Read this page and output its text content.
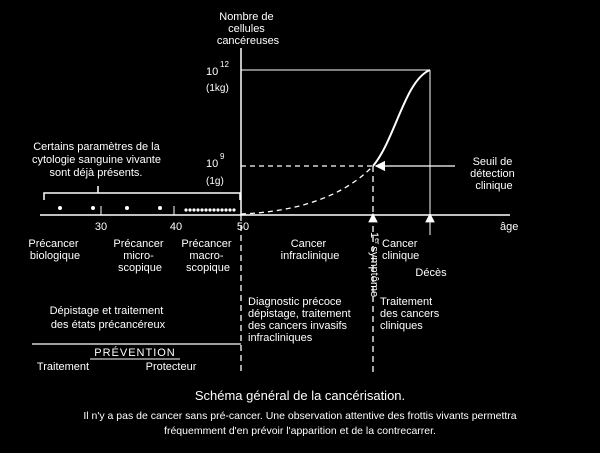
Nombre de cellules cancéreuses
10
12
(1kg)
10
9
(1g)
âge
30	40	50
Seuil de détection clinique
Certains paramètres de la cytologie sanguine vivante sont déjà présents.
Précancer biologique
Précancer micro- scopique
Précancer macro- scopique
Cancer infraclinique
1ersymptôme
Cancer clinique
Décès
Dépistage et traitement des états précancéreux
Diagnostic précoce dépistage, traitement des cancers invasifs infracliniques
Traitement des cancers cliniques
PRÉVENTION
Traitement	Protecteur
Schéma général de la cancérisation.
Il n'y a pas de cancer sans pré-cancer. Une observation attentive des frottis vivants permettra
fréquemment d'en prévoir l'apparition et de la contrecarrer.
